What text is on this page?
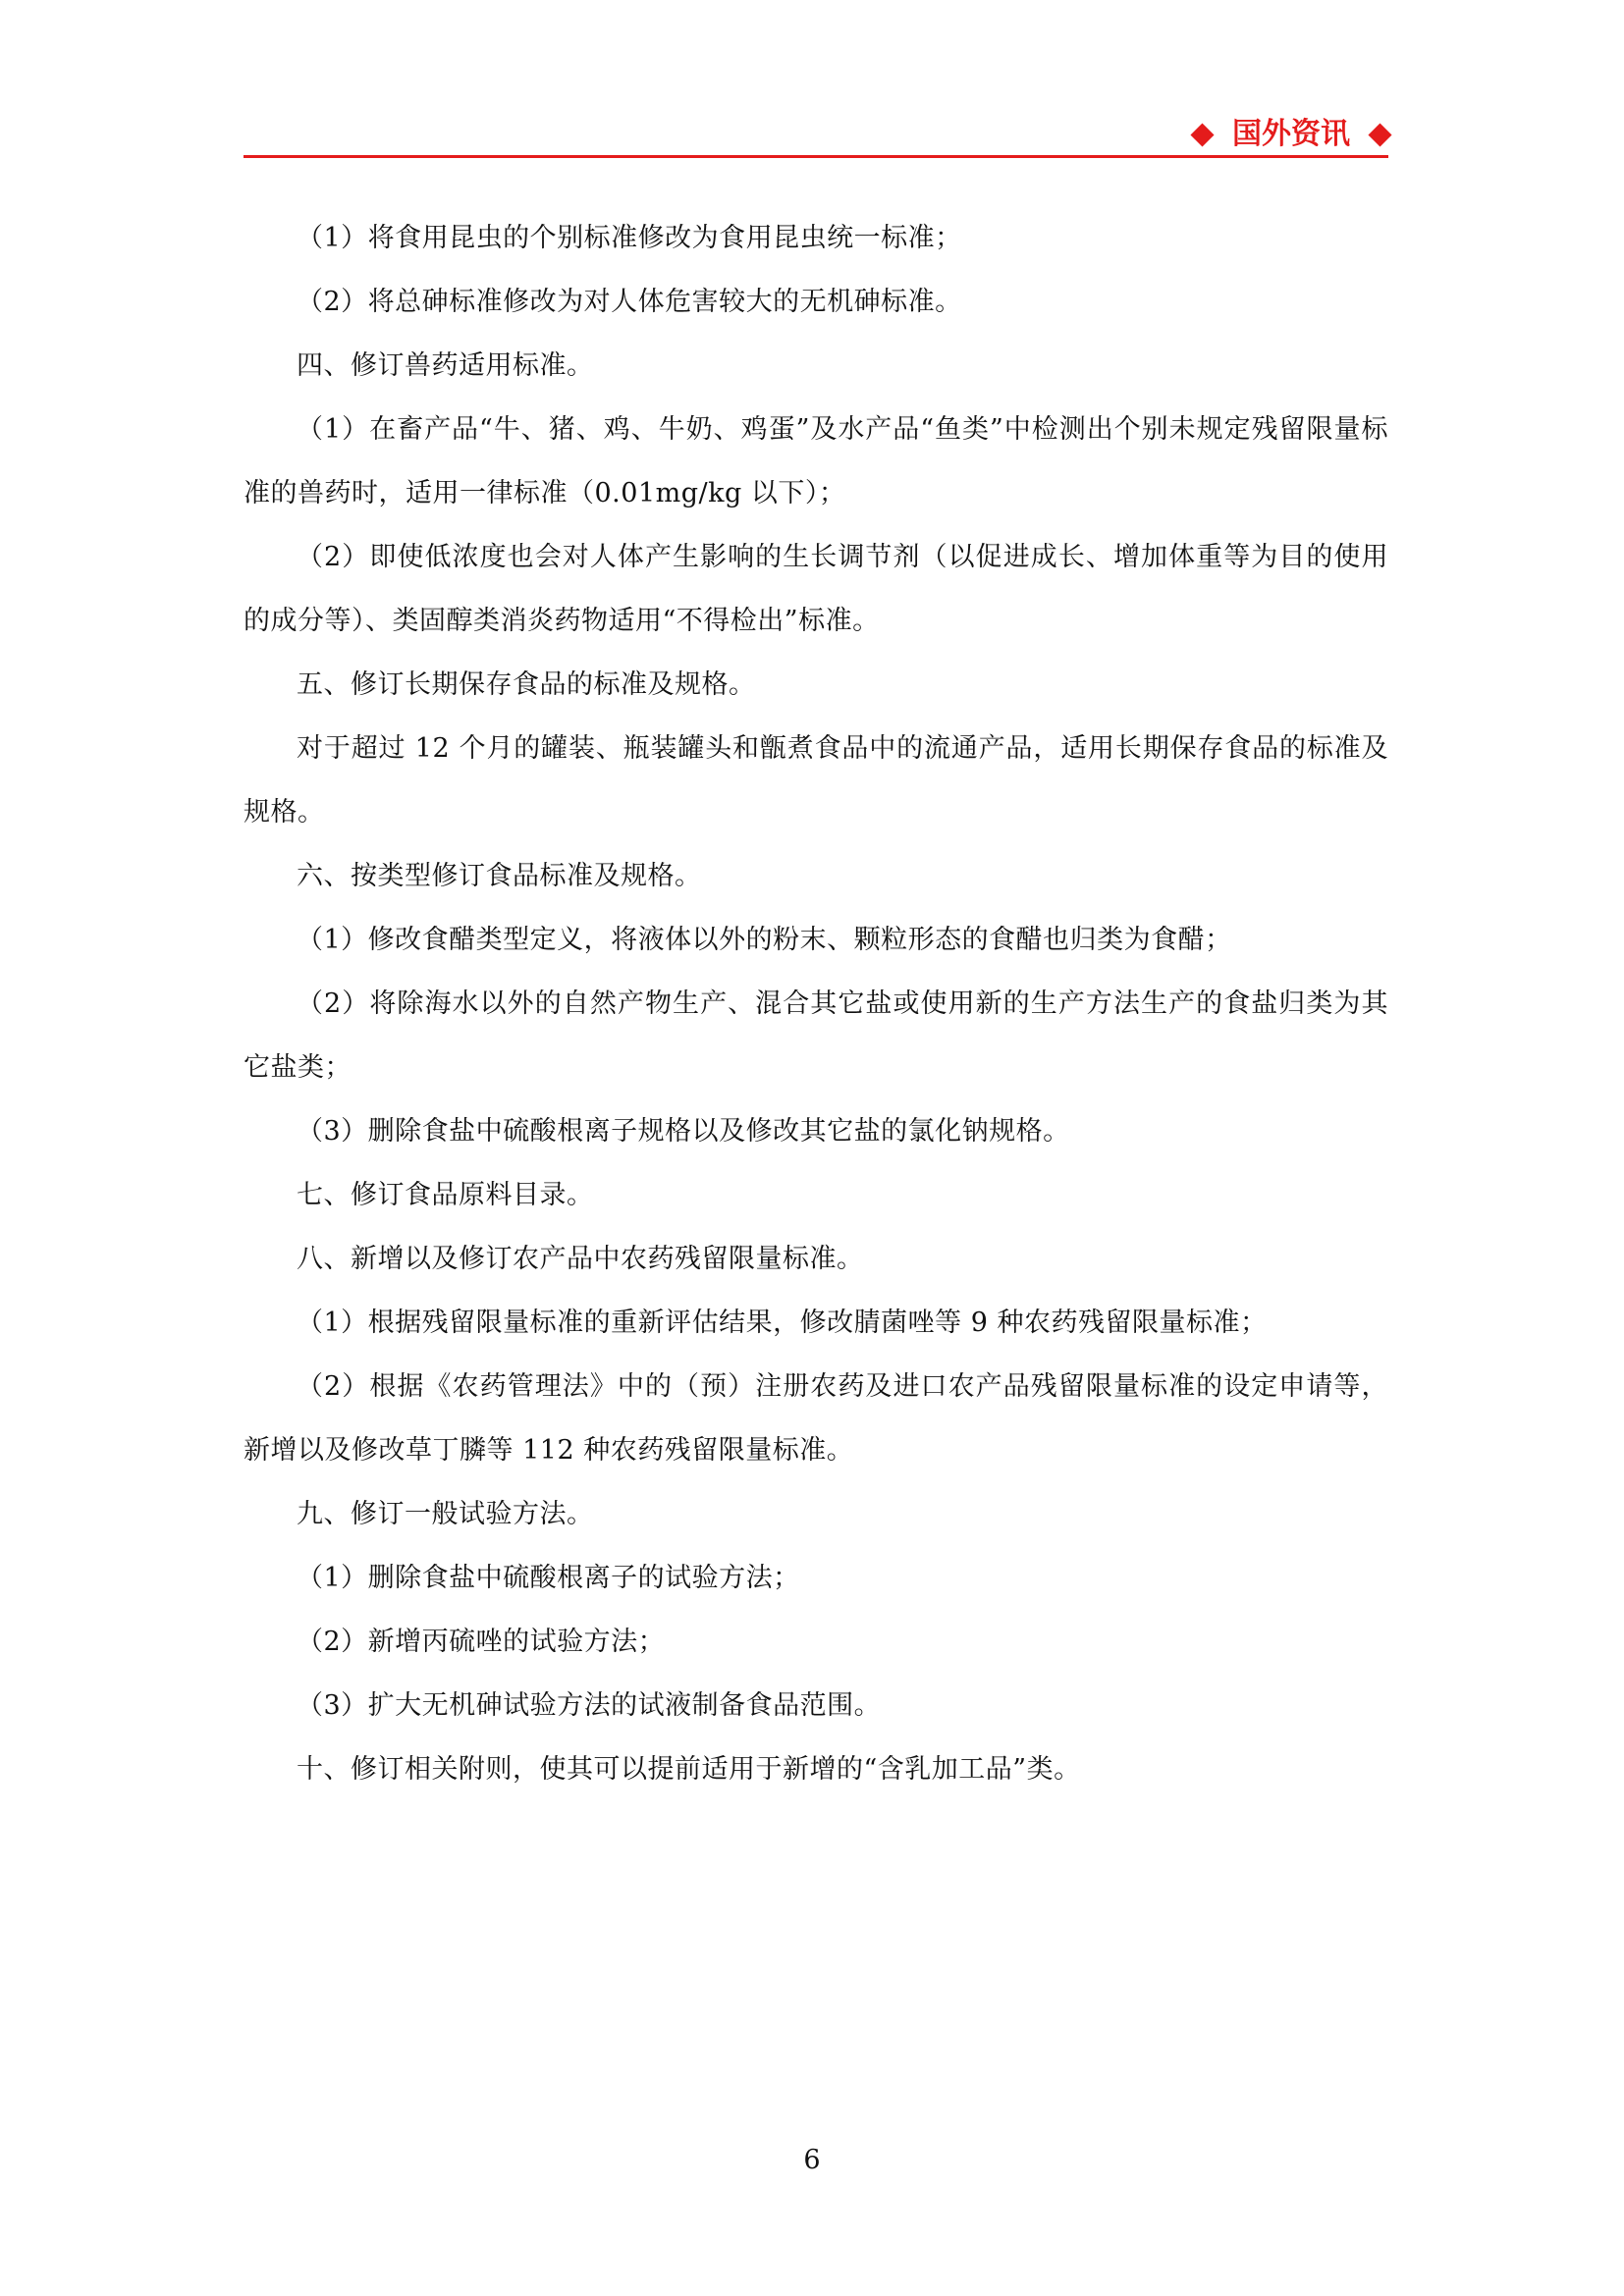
国外资讯

（1）将食用昆虫的个别标准修改为食用昆虫统一标准；

（2）将总砷标准修改为对人体危害较大的无机砷标准。

四、修订兽药适用标准。

（1）在畜产品“牛、猪、鸡、牛奶、鸡蛋”及水产品“鱼类”中检测出个别未规定残留限量标准的兽药时，适用一律标准（0.01mg/kg 以下）；

（2）即使低浓度也会对人体产生影响的生长调节剂（以促进成长、增加体重等为目的使用的成分等）、类固醇类消炎药物适用“不得检出”标准。

五、修订长期保存食品的标准及规格。

对于超过 12 个月的罐装、瓶装罐头和甑煮食品中的流通产品，适用长期保存食品的标准及规格。

六、按类型修订食品标准及规格。

（1）修改食醋类型定义，将液体以外的粉末、颗粒形态的食醋也归类为食醋；

（2）将除海水以外的自然产物生产、混合其它盐或使用新的生产方法生产的食盐归类为其它盐类；

（3）删除食盐中硫酸根离子规格以及修改其它盐的氯化钠规格。

七、修订食品原料目录。

八、新增以及修订农产品中农药残留限量标准。

（1）根据残留限量标准的重新评估结果，修改腈菌唑等 9 种农药残留限量标准；

（2）根据《农药管理法》中的（预）注册农药及进口农产品残留限量标准的设定申请等，新增以及修改草丁膦等 112 种农药残留限量标准。

九、修订一般试验方法。

（1）删除食盐中硫酸根离子的试验方法；

（2）新增丙硫唑的试验方法；

（3）扩大无机砷试验方法的试液制备食品范围。

十、修订相关附则，使其可以提前适用于新增的“含乳加工品”类。

6
